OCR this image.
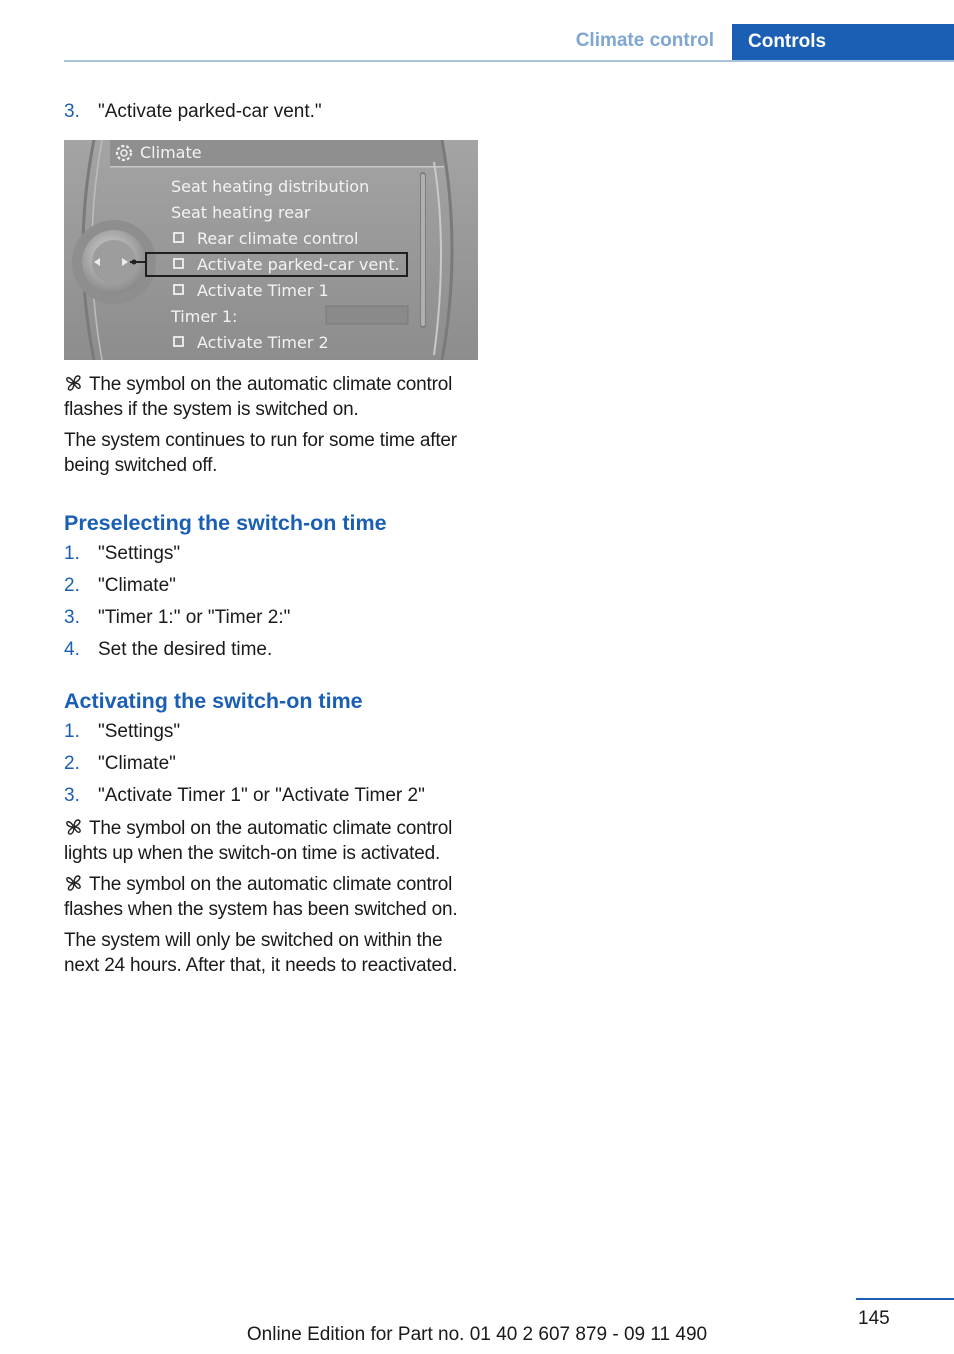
Climate control Controls
3. "Activate parked-car vent."
Climate
Seat heating distribution
Seat heating rear
Rear climate control
Activate parked-car vent.
Activate Timer 1
Timer 1:
Activate Timer 2

The symbol on the automatic climate control flashes if the system is switched on.

The system continues to run for some time after being switched off.

Preselecting the switch-on time
1. "Settings"
2. "Climate"
3. "Timer 1:" or "Timer 2:"
4. Set the desired time.
Activating the switch-on time
1. "Settings"
2. "Climate"
3. "Activate Timer 1" or "Activate Timer 2"

The symbol on the automatic climate control lights up when the switch-on time is activated.

The symbol on the automatic climate control flashes when the system has been switched on.

The system will only be switched on within the next 24 hours. After that, it needs to reactivated.

145
Online Edition for Part no. 01 40 2 607 879 - 09 11 490
